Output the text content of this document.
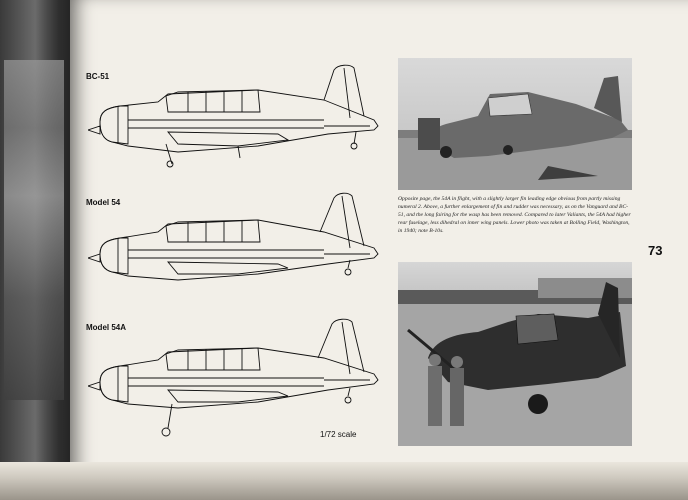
BC-51
Model 54
Model 54A
1/72 scale

Opposite page, the 54A in flight, with a slightly larger fin leading edge obvious from partly missing numeral 2. Above, a further enlargement of fin and rudder was necessary, as on the Vanguard and BC-51, and the long fairing for the wasp has been removed. Compared to later Valiants, the 54A had higher rear fuselage, less dihedral on inner wing panels. Lower photo was taken at Bolling Field, Washington, in 1940; note B-10s.

73
